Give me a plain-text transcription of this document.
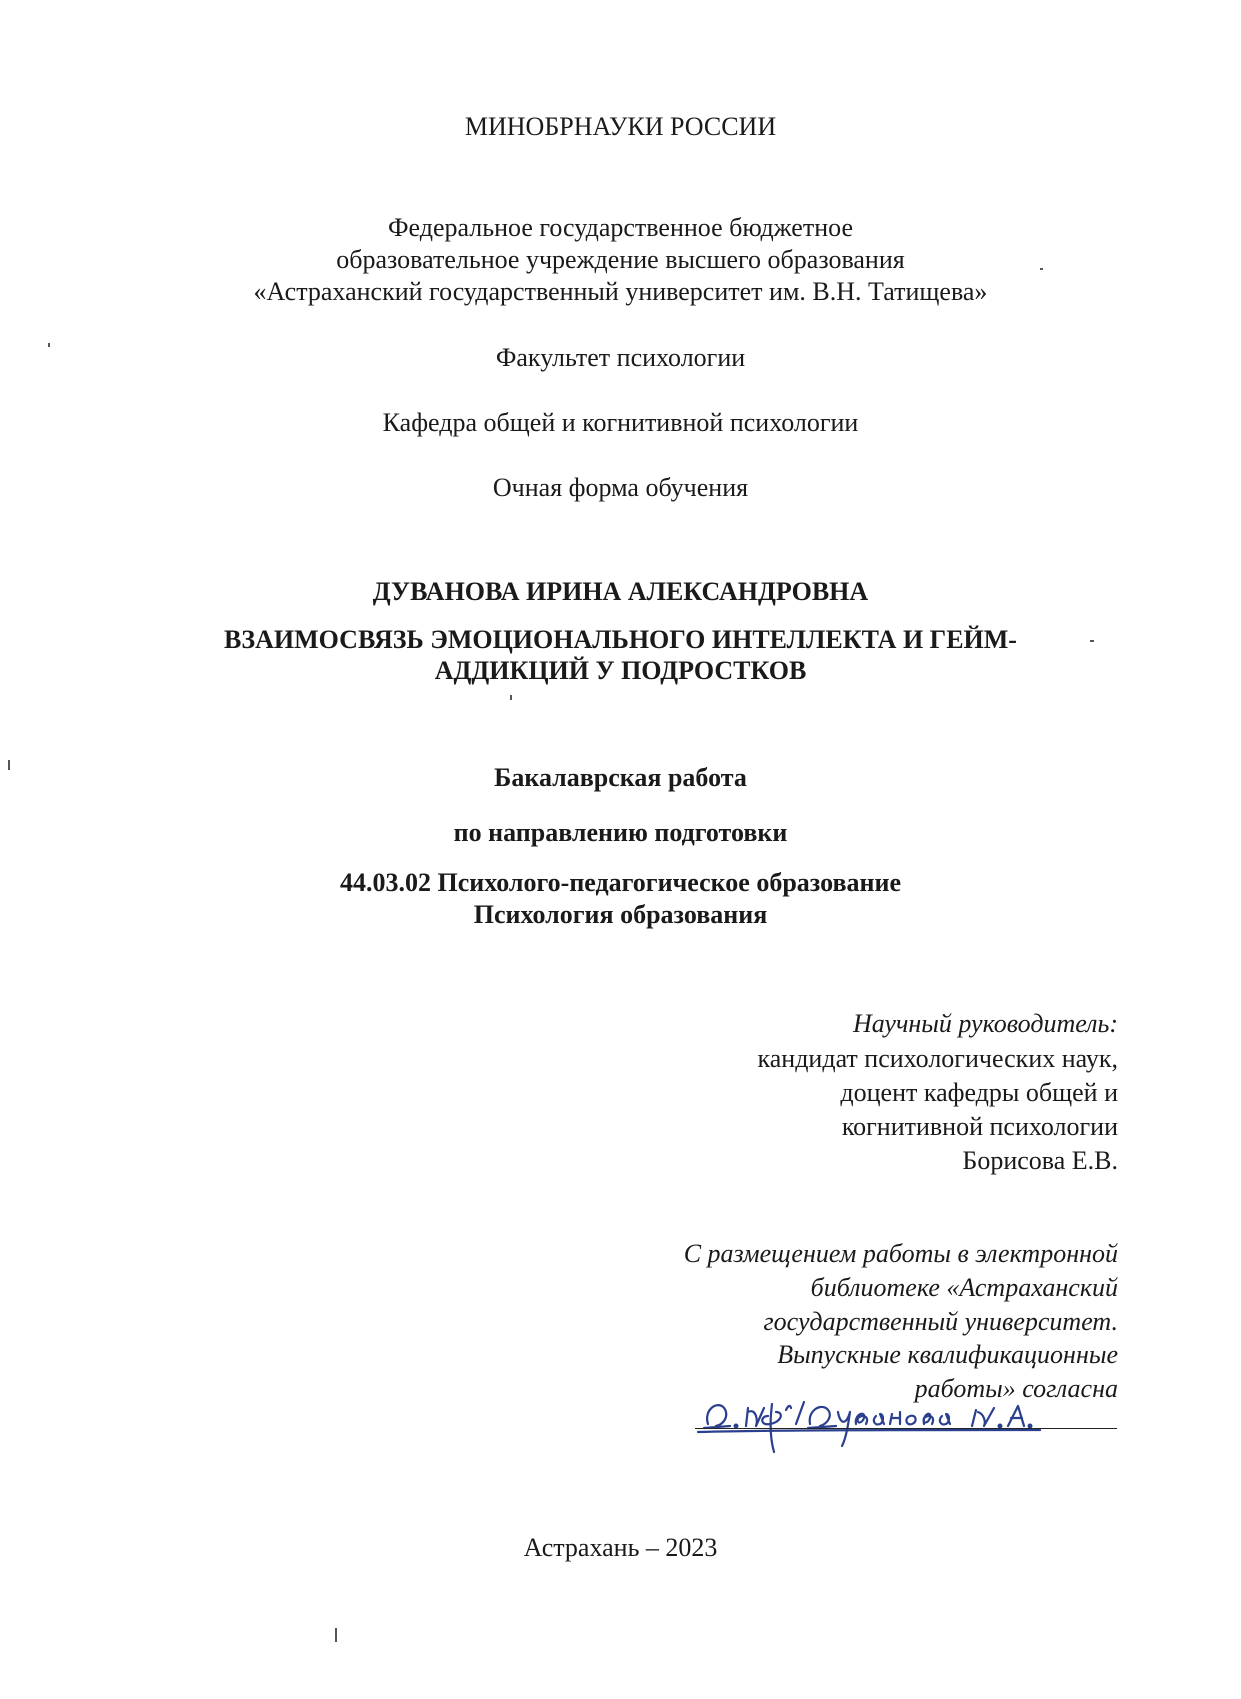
МИНОБРНАУКИ РОССИИ
Федеральное государственное бюджетное
образовательное учреждение высшего образования
«Астраханский государственный университет им. В.Н. Татищева»
Факультет психологии
Кафедра общей и когнитивной психологии
Очная форма обучения
ДУВАНОВА ИРИНА АЛЕКСАНДРОВНА
ВЗАИМОСВЯЗЬ ЭМОЦИОНАЛЬНОГО ИНТЕЛЛЕКТА И ГЕЙМ-
АДДИКЦИЙ У ПОДРОСТКОВ
Бакалаврская работа
по направлению подготовки
44.03.02 Психолого-педагогическое образование
Психология образования
Научный руководитель:
кандидат психологических наук,
доцент кафедры общей и
когнитивной психологии
Борисова Е.В.
С размещением работы в электронной
библиотеке «Астраханский
государственный университет.
Выпускные квалификационные
работы» согласна
Астрахань – 2023
